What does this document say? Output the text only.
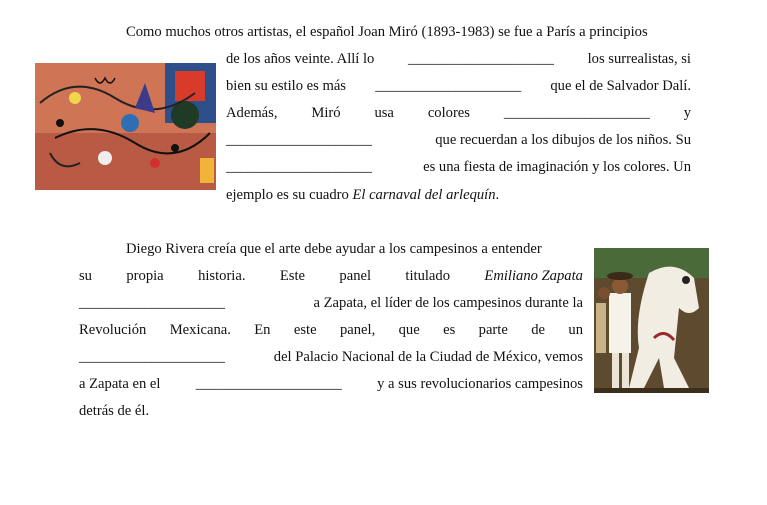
Como muchos otros artistas, el español Joan Miró (1893-1983) se fue a París a principios
de los años veinte. Allí lo ____________________ los surrealistas, si
bien su estilo es más ____________________ que el de Salvador Dalí.
Además, Miró usa colores ____________________ y
____________________	que recuerdan a los dibujos de los niños. Su
____________________	es una fiesta de imaginación y los colores. Un
ejemplo es su cuadro El carnaval del arlequín.
Diego Rivera creía que el arte debe ayudar a los campesinos a entender
su propia historia. Este panel titulado Emiliano Zapata
____________________	a Zapata, el líder de los campesinos durante la
Revolución Mexicana. En este panel, que es parte de un
____________________	del Palacio Nacional de la Ciudad de México, vemos
a Zapata en el ____________________ y a sus revolucionarios campesinos
detrás de él.
